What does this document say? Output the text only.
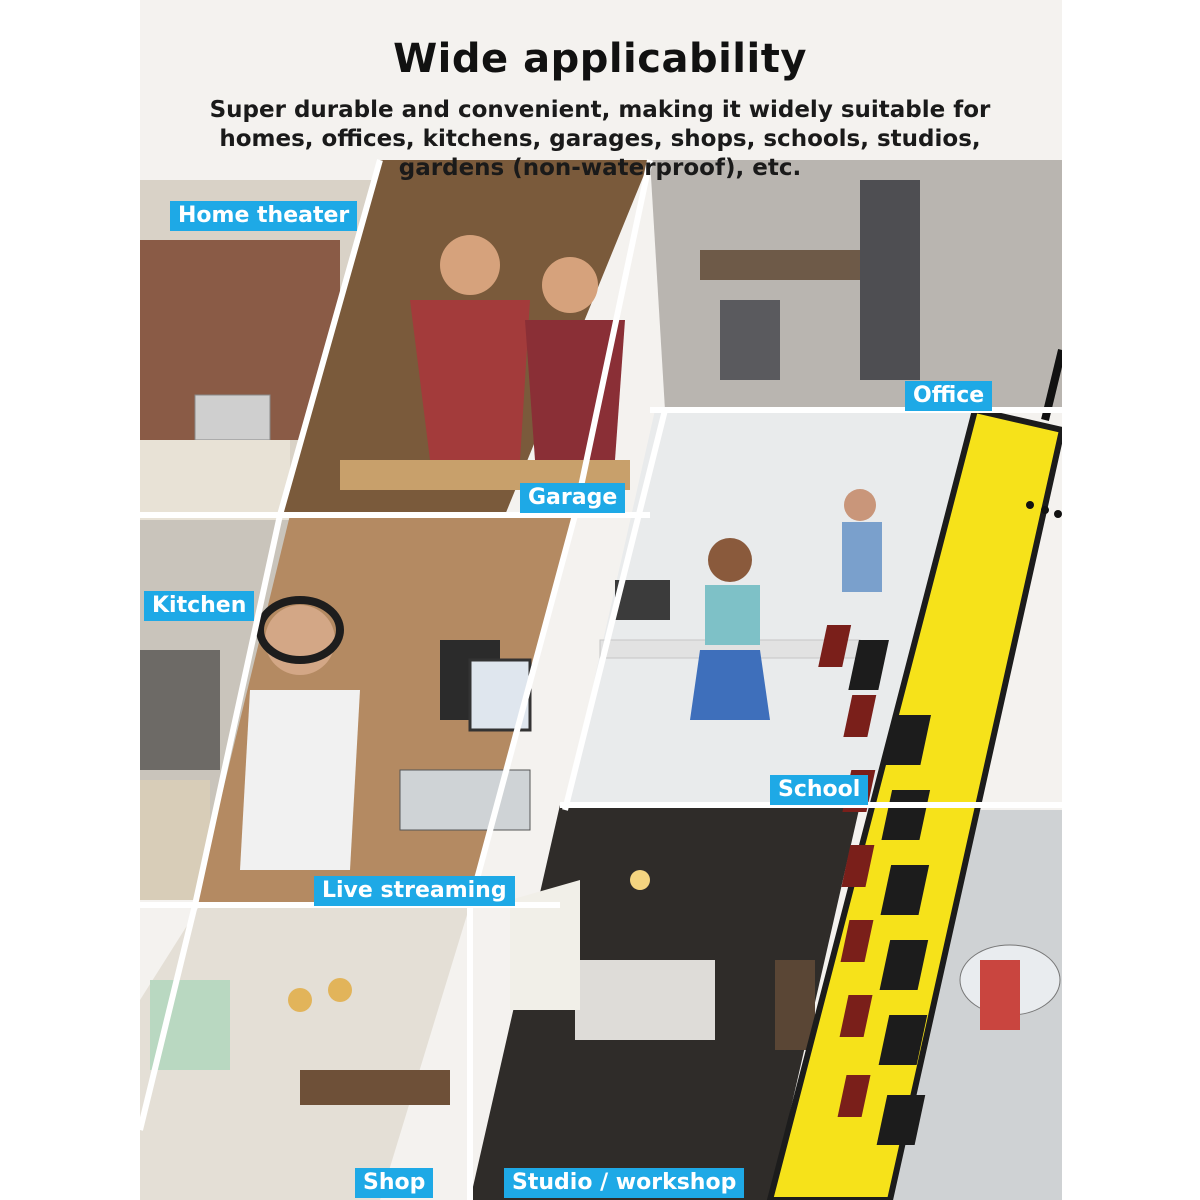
Home theater
Garage
Office
Kitchen
School
Live streaming
Shop	Studio / workshop
Wide applicability
Super durable and convenient, making it widely suitable for homes, offices, kitchens, garages, shops, schools, studios, gardens (non-waterproof), etc.
